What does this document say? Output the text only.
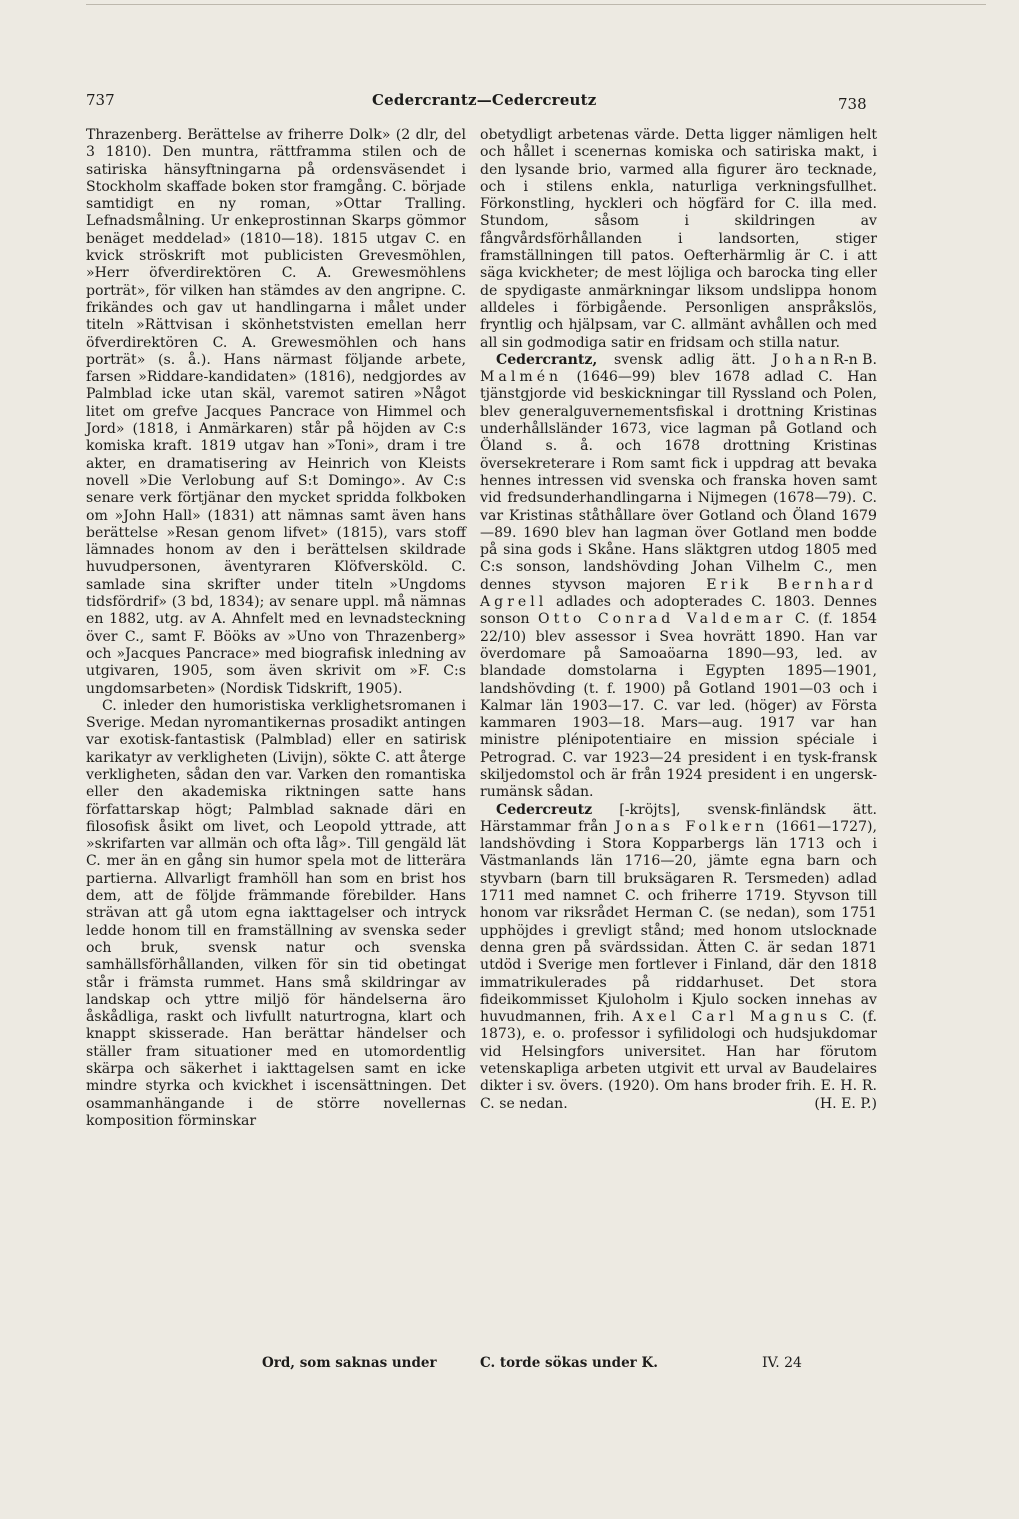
737	Cedercrantz—Cedercreutz	738

Thrazenberg. Berättelse av friherre Dolk» (2 dlr, del 3 1810). Den muntra, rättframma stilen och de satiriska hänsyftningarna på ordensväsendet i Stockholm skaffade boken stor framgång. C. började samtidigt en ny roman, »Ottar Tralling. Lefnadsmålning. Ur enkeprostinnan Skarps gömmor benäget meddelad» (1810—18). 1815 utgav C. en kvick ströskrift mot publicisten Grevesmöhlen, »Herr öfverdirektören C. A. Grewesmöhlens porträt», för vilken han stämdes av den angripne. C. frikändes och gav ut handlingarna i målet under titeln »Rättvisan i skönhetstvisten emellan herr öfverdirektören C. A. Grewesmöhlen och hans porträt» (s. å.). Hans närmast följande arbete, farsen »Riddare-kandidaten» (1816), nedgjordes av Palmblad icke utan skäl, varemot satiren »Något litet om grefve Jacques Pancrace von Himmel och Jord» (1818, i Anmärkaren) står på höjden av C:s komiska kraft. 1819 utgav han »Toni», dram i tre akter, en dramatisering av Heinrich von Kleists novell »Die Verlobung auf S:t Domingo». Av C:s senare verk förtjänar den mycket spridda folkboken om »John Hall» (1831) att nämnas samt även hans berättelse »Resan genom lifvet» (1815), vars stoff lämnades honom av den i berättelsen skildrade huvudpersonen, äventyraren Klöfversköld. C. samlade sina skrifter under titeln »Ungdoms tidsfördrif» (3 bd, 1834); av senare uppl. må nämnas en 1882, utg. av A. Ahnfelt med en levnadsteckning över C., samt F. Bööks av »Uno von Thrazenberg» och »Jacques Pancrace» med biografisk inledning av utgivaren, 1905, som även skrivit om »F. C:s ungdomsarbeten» (Nordisk Tidskrift, 1905).

C. inleder den humoristiska verklighetsromanen i Sverige. Medan nyromantikernas prosadikt antingen var exotisk-fantastisk (Palmblad) eller en satirisk karikatyr av verkligheten (Livijn), sökte C. att återge verkligheten, sådan den var. Varken den romantiska eller den akademiska riktningen satte hans författarskap högt; Palmblad saknade däri en filosofisk åsikt om livet, och Leopold yttrade, att »skrifarten var allmän och ofta låg». Till gengäld lät C. mer än en gång sin humor spela mot de litterära partierna. Allvarligt framhöll han som en brist hos dem, att de följde främmande förebilder. Hans strävan att gå utom egna iakttagelser och intryck ledde honom till en framställning av svenska seder och bruk, svensk natur och svenska samhällsförhållanden, vilken för sin tid obetingat står i främsta rummet. Hans små skildringar av landskap och yttre miljö för händelserna äro åskådliga, raskt och livfullt naturtrogna, klart och knappt skisserade. Han berättar händelser och ställer fram situationer med en utomordentlig skärpa och säkerhet i iakttagelsen samt en icke mindre styrka och kvickhet i iscensättningen. Det osammanhängande i de större novellernas komposition förminskar

obetydligt arbetenas värde. Detta ligger nämligen helt och hållet i scenernas komiska och satiriska makt, i den lysande brio, varmed alla figurer äro tecknade, och i stilens enkla, naturliga verkningsfullhet. Förkonstling, hyckleri och högfärd for C. illa med. Stundom, såsom i skildringen av fångvårdsförhållanden i landsorten, stiger framställningen till patos. Oefterhärmlig är C. i att säga kvickheter; de mest löjliga och barocka ting eller de spydigaste anmärkningar liksom undslippa honom alldeles i förbigående. Personligen anspråkslös, fryntlig och hjälpsam, var C. allmänt avhållen och med all sin godmodiga satir en fridsam och stilla natur.
R-n B.

Cedercrantz, svensk adlig ätt. Johan Malmén (1646—99) blev 1678 adlad C. Han tjänstgjorde vid beskickningar till Ryssland och Polen, blev generalguvernementsfiskal i drottning Kristinas underhållsländer 1673, vice lagman på Gotland och Öland s. å. och 1678 drottning Kristinas översekreterare i Rom samt fick i uppdrag att bevaka hennes intressen vid svenska och franska hoven samt vid fredsunderhandlingarna i Nijmegen (1678—79). C. var Kristinas ståthållare över Gotland och Öland 1679—89. 1690 blev han lagman över Gotland men bodde på sina gods i Skåne. Hans släktgren utdog 1805 med C:s sonson, landshövding Johan Vilhelm C., men dennes styvson majoren Erik Bernhard Agrell adlades och adopterades C. 1803. Dennes sonson Otto Conrad Valdemar C. (f. 1854 22/10) blev assessor i Svea hovrätt 1890. Han var överdomare på Samoaöarna 1890—93, led. av blandade domstolarna i Egypten 1895—1901, landshövding (t. f. 1900) på Gotland 1901—03 och i Kalmar län 1903—17. C. var led. (höger) av Första kammaren 1903—18. Mars—aug. 1917 var han ministre plénipotentiaire en mission spéciale i Petrograd. C. var 1923—24 president i en tysk-fransk skiljedomstol och är från 1924 president i en ungersk-rumänsk sådan.

Cedercreutz [-kröjts], svensk-finländsk ätt. Härstammar från Jonas Folkern (1661—1727), landshövding i Stora Kopparbergs län 1713 och i Västmanlands län 1716—20, jämte egna barn och styvbarn (barn till bruksägaren R. Tersmeden) adlad 1711 med namnet C. och friherre 1719. Styvson till honom var riksrådet Herman C. (se nedan), som 1751 upphöjdes i grevligt stånd; med honom utslocknade denna gren på svärdssidan. Ätten C. är sedan 1871 utdöd i Sverige men fortlever i Finland, där den 1818 immatrikulerades på riddarhuset. Det stora fideikommisset Kjuloholm i Kjulo socken innehas av huvudmannen, frih. Axel Carl Magnus C. (f. 1873), e. o. professor i syfilidologi och hudsjukdomar vid Helsingfors universitet. Han har förutom vetenskapliga arbeten utgivit ett urval av Baudelaires dikter i sv. övers. (1920). Om hans broder frih. E. H. R. C. se nedan.	(H. E. P.)

Ord, som saknas under	C. torde sökas under K.	IV. 24
